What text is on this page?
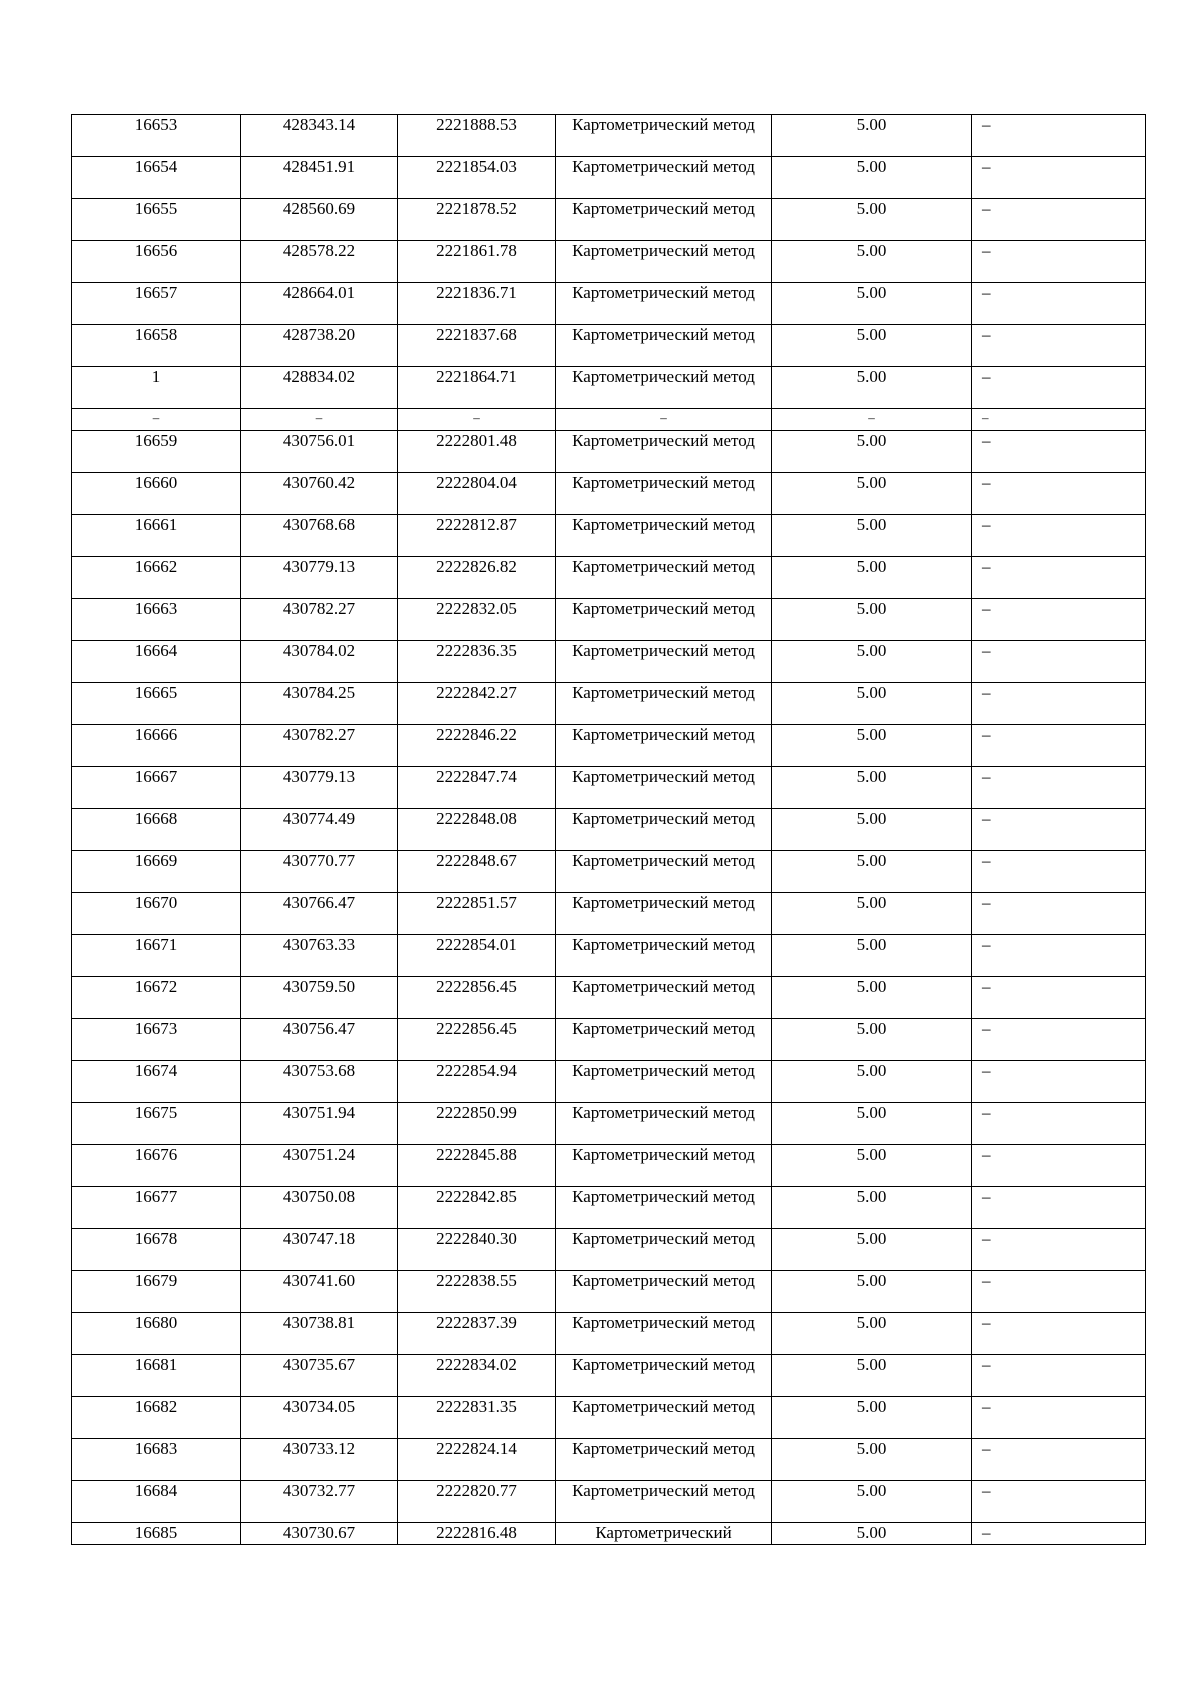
16653	428343.14	2221888.53	Картометрический метод	5.00	–
16654	428451.91	2221854.03	Картометрический метод	5.00	–
16655	428560.69	2221878.52	Картометрический метод	5.00	–
16656	428578.22	2221861.78	Картометрический метод	5.00	–
16657	428664.01	2221836.71	Картометрический метод	5.00	–
16658	428738.20	2221837.68	Картометрический метод	5.00	–
1	428834.02	2221864.71	Картометрический метод	5.00	–
–	–	–	–	–	–
16659	430756.01	2222801.48	Картометрический метод	5.00	–
16660	430760.42	2222804.04	Картометрический метод	5.00	–
16661	430768.68	2222812.87	Картометрический метод	5.00	–
16662	430779.13	2222826.82	Картометрический метод	5.00	–
16663	430782.27	2222832.05	Картометрический метод	5.00	–
16664	430784.02	2222836.35	Картометрический метод	5.00	–
16665	430784.25	2222842.27	Картометрический метод	5.00	–
16666	430782.27	2222846.22	Картометрический метод	5.00	–
16667	430779.13	2222847.74	Картометрический метод	5.00	–
16668	430774.49	2222848.08	Картометрический метод	5.00	–
16669	430770.77	2222848.67	Картометрический метод	5.00	–
16670	430766.47	2222851.57	Картометрический метод	5.00	–
16671	430763.33	2222854.01	Картометрический метод	5.00	–
16672	430759.50	2222856.45	Картометрический метод	5.00	–
16673	430756.47	2222856.45	Картометрический метод	5.00	–
16674	430753.68	2222854.94	Картометрический метод	5.00	–
16675	430751.94	2222850.99	Картометрический метод	5.00	–
16676	430751.24	2222845.88	Картометрический метод	5.00	–
16677	430750.08	2222842.85	Картометрический метод	5.00	–
16678	430747.18	2222840.30	Картометрический метод	5.00	–
16679	430741.60	2222838.55	Картометрический метод	5.00	–
16680	430738.81	2222837.39	Картометрический метод	5.00	–
16681	430735.67	2222834.02	Картометрический метод	5.00	–
16682	430734.05	2222831.35	Картометрический метод	5.00	–
16683	430733.12	2222824.14	Картометрический метод	5.00	–
16684	430732.77	2222820.77	Картометрический метод	5.00	–
16685	430730.67	2222816.48	Картометрический	5.00	–
